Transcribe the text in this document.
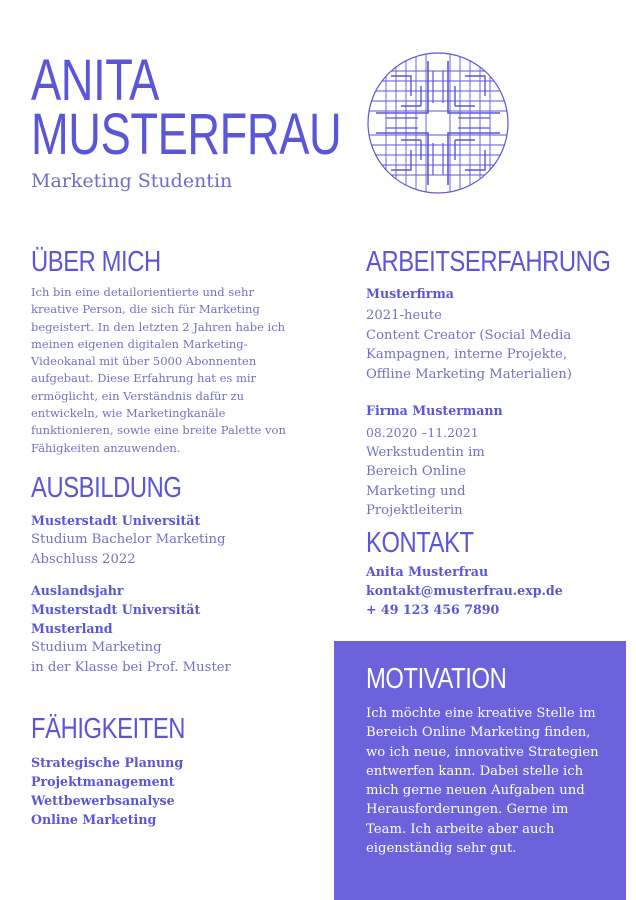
ANITA
MUSTERFRAU
Marketing Studentin
ÜBER MICH
Ich bin eine detailorientierte und sehr kreative Person, die sich für Marketing begeistert. In den letzten 2 Jahren habe ich meinen eigenen digitalen Marketing-Videokanal mit über 5000 Abonnenten aufgebaut. Diese Erfahrung hat es mir ermöglicht, ein Verständnis dafür zu entwickeln, wie Marketingkanäle funktionieren, sowie eine breite Palette von Fähigkeiten anzuwenden.
AUSBILDUNG
Musterstadt Universität
Studium Bachelor Marketing
Abschluss 2022
Auslandsjahr
Musterstadt Universität
Musterland
Studium Marketing
in der Klasse bei Prof. Muster
FÄHIGKEITEN
Strategische Planung
Projektmanagement
Wettbewerbsanalyse
Online Marketing
ARBEITSERFAHRUNG
Musterfirma
2021-heute
Content Creator (Social Media Kampagnen, interne Projekte, Offline Marketing Materialien)
Firma Mustermann
08.2020 –11.2021
Werkstudentin im Bereich Online Marketing und Projektleiterin
KONTAKT
Anita Musterfrau
kontakt@musterfrau.exp.de
+ 49 123 456 7890
MOTIVATION
Ich möchte eine kreative Stelle im Bereich Online Marketing finden, wo ich neue, innovative Strategien entwerfen kann. Dabei stelle ich mich gerne neuen Aufgaben und Herausforderungen. Gerne im Team. Ich arbeite aber auch eigenständig sehr gut.
